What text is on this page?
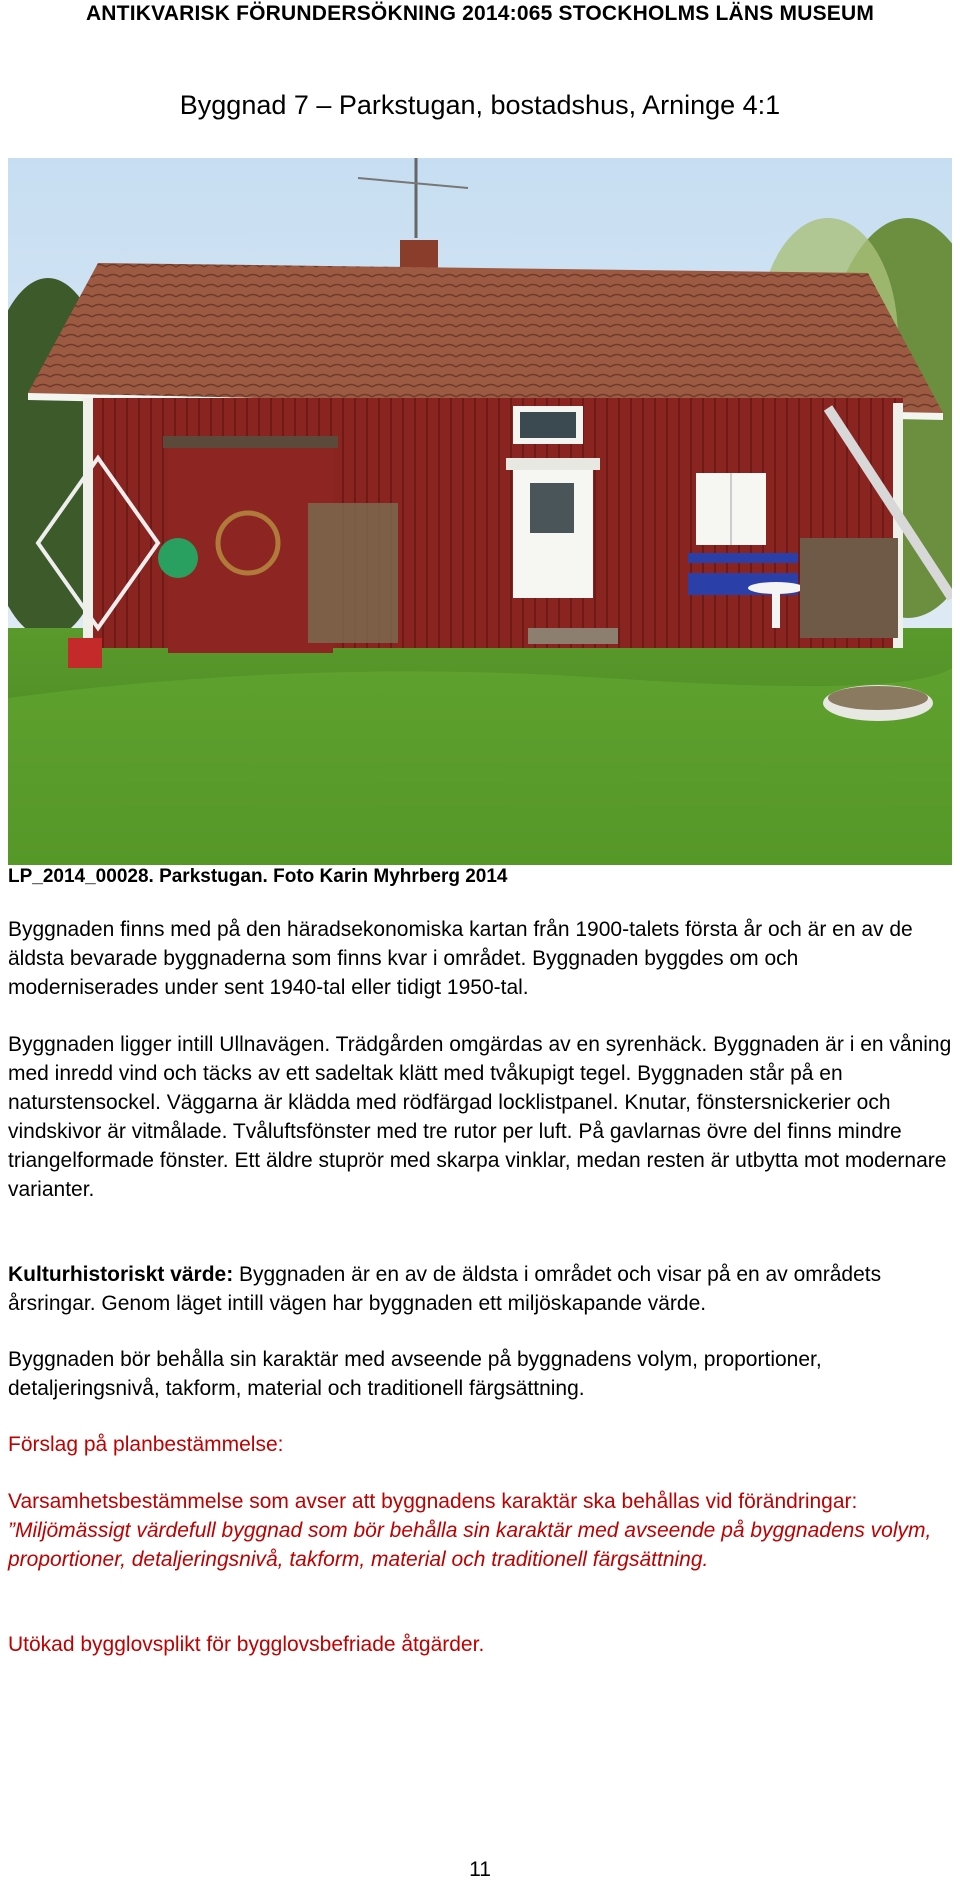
ANTIKVARISK FÖRUNDERSÖKNING 2014:065 STOCKHOLMS LÄNS MUSEUM
Byggnad 7 – Parkstugan, bostadshus, Arninge 4:1
LP_2014_00028. Parkstugan. Foto Karin Myhrberg 2014
Byggnaden finns med på den häradsekonomiska kartan från 1900-talets första år och är en av de äldsta bevarade byggnaderna som finns kvar i området. Byggnaden byggdes om och moderniserades under sent 1940-tal eller tidigt 1950-tal.
Byggnaden ligger intill Ullnavägen. Trädgården omgärdas av en syrenhäck. Byggnaden är i en våning med inredd vind och täcks av ett sadeltak klätt med tvåkupigt tegel. Byggnaden står på en naturstensockel. Väggarna är klädda med rödfärgad locklistpanel. Knutar, fönstersnickerier och vindskivor är vitmålade. Tvåluftsfönster med tre rutor per luft. På gavlarnas övre del finns mindre triangelformade fönster. Ett äldre stuprör med skarpa vinklar, medan resten är utbytta mot modernare varianter.
Kulturhistoriskt värde: Byggnaden är en av de äldsta i området och visar på en av områdets årsringar. Genom läget intill vägen har byggnaden ett miljöskapande värde.
Byggnaden bör behålla sin karaktär med avseende på byggnadens volym, proportioner, detaljeringsnivå, takform, material och traditionell färgsättning.
Förslag på planbestämmelse:
Varsamhetsbestämmelse som avser att byggnadens karaktär ska behållas vid förändringar: ”Miljömässigt värdefull byggnad som bör behålla sin karaktär med avseende på byggnadens volym, proportioner, detaljeringsnivå, takform, material och traditionell färgsättning.
Utökad bygglovsplikt för bygglovsbefriade åtgärder.
11
